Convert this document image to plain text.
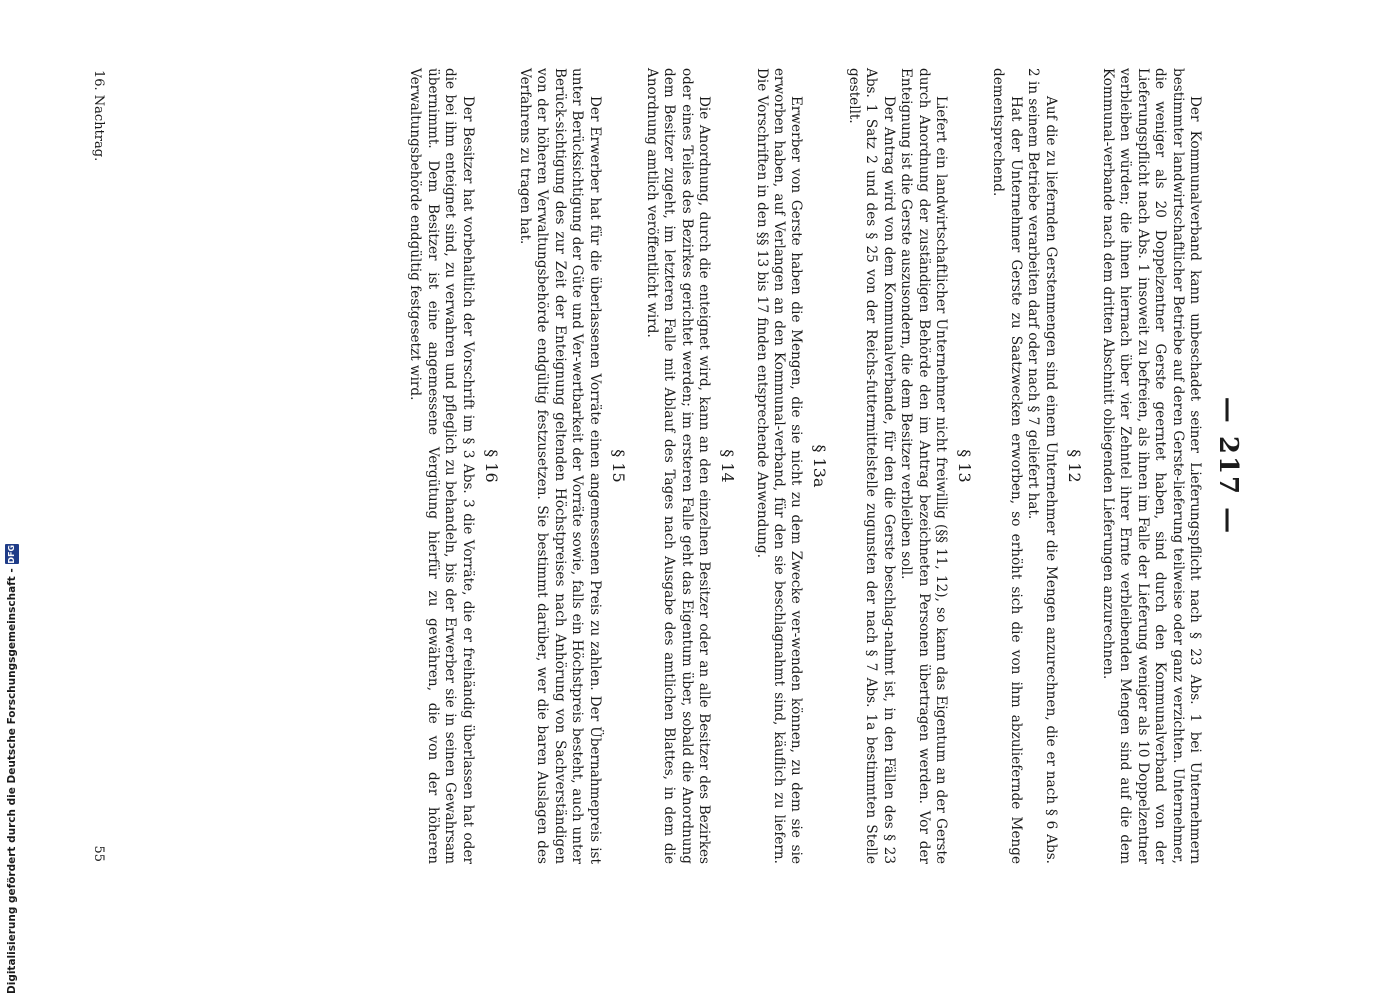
— 217 —

Der Kommunalverband kann unbeschadet seiner Lieferungspflicht nach § 23 Abs. 1 bei Unternehmern bestimmter landwirtschaftlicher Betriebe auf deren Gerste-lieferung teilweise oder ganz verzichten. Unternehmer, die weniger als 20 Doppelzentner Gerste geerntet haben, sind durch den Kommunalverband von der Lieferungspflicht nach Abs. 1 insoweit zu befreien, als ihnen im Falle der Lieferung weniger als 10 Doppelzentner verbleiben würden; die ihnen hiernach über vier Zehntel ihrer Ernte verbleibenden Mengen sind auf die dem Kommunal-verbande nach dem dritten Abschnitt obliegenden Lieferungen anzurechnen.

§ 12

Auf die zu liefernden Gerstenmengen sind einem Unternehmer die Mengen anzurechnen, die er nach § 6 Abs. 2 in seinem Betriebe verarbeiten darf oder nach § 7 geliefert hat.

Hat der Unternehmer Gerste zu Saatzwecken erworben, so erhöht sich die von ihm abzuliefernde Menge dementsprechend.

§ 13

Liefert ein landwirtschaftlicher Unternehmer nicht freiwillig (§§ 11, 12), so kann das Eigentum an der Gerste durch Anordnung der zuständigen Behörde den im Antrag bezeichneten Personen übertragen werden. Vor der Enteignung ist die Gerste auszusondern, die dem Besitzer verbleiben soll.

Der Antrag wird von dem Kommunalverbande, für den die Gerste beschlag-nahmt ist, in den Fällen des § 23 Abs. 1 Satz 2 und des § 25 von der Reichs-futtermittelstelle zugunsten der nach § 7 Abs. 1a bestimmten Stelle gestellt.

§ 13a

Erwerber von Gerste haben die Mengen, die sie nicht zu dem Zwecke ver-wenden können, zu dem sie sie erworben haben, auf Verlangen an den Kommunal-verband, für den sie beschlagnahmt sind, käuflich zu liefern. Die Vorschriften in den §§ 13 bis 17 finden entsprechende Anwendung.

§ 14

Die Anordnung, durch die enteignet wird, kann an den einzelnen Besitzer oder an alle Besitzer des Bezirkes oder eines Teiles des Bezirkes gerichtet werden; im ersteren Falle geht das Eigentum über, sobald die Anordnung dem Besitzer zugeht, im letzteren Falle mit Ablauf des Tages nach Ausgabe des amtlichen Blattes, in dem die Anordnung amtlich veröffentlicht wird.

§ 15

Der Erwerber hat für die überlassenen Vorräte einen angemessenen Preis zu zahlen. Der Übernahmepreis ist unter Berücksichtigung der Güte und Ver-wertbarkeit der Vorräte sowie, falls ein Höchstpreis besteht, auch unter Berück-sichtigung des zur Zeit der Enteignung geltenden Höchstpreises nach Anhörung von Sachverständigen von der höheren Verwaltungsbehörde endgültig festzusetzen. Sie bestimmt darüber, wer die baren Auslagen des Verfahrens zu tragen hat.

§ 16

Der Besitzer hat vorbehaltlich der Vorschrift im § 3 Abs. 3 die Vorräte, die er freihändig überlassen hat oder die bei ihm enteignet sind, zu verwahren und pfleglich zu behandeln, bis der Erwerber sie in seinen Gewahrsam übernimmt. Dem Besitzer ist eine angemessene Vergütung hierfür zu gewähren, die von der höheren Verwaltungsbehörde endgültig festgesetzt wird.

16. Nachtrag.
55
Digitalisierung gefördert durch die Deutsche Forschungsgemeinschaft -
DFG
